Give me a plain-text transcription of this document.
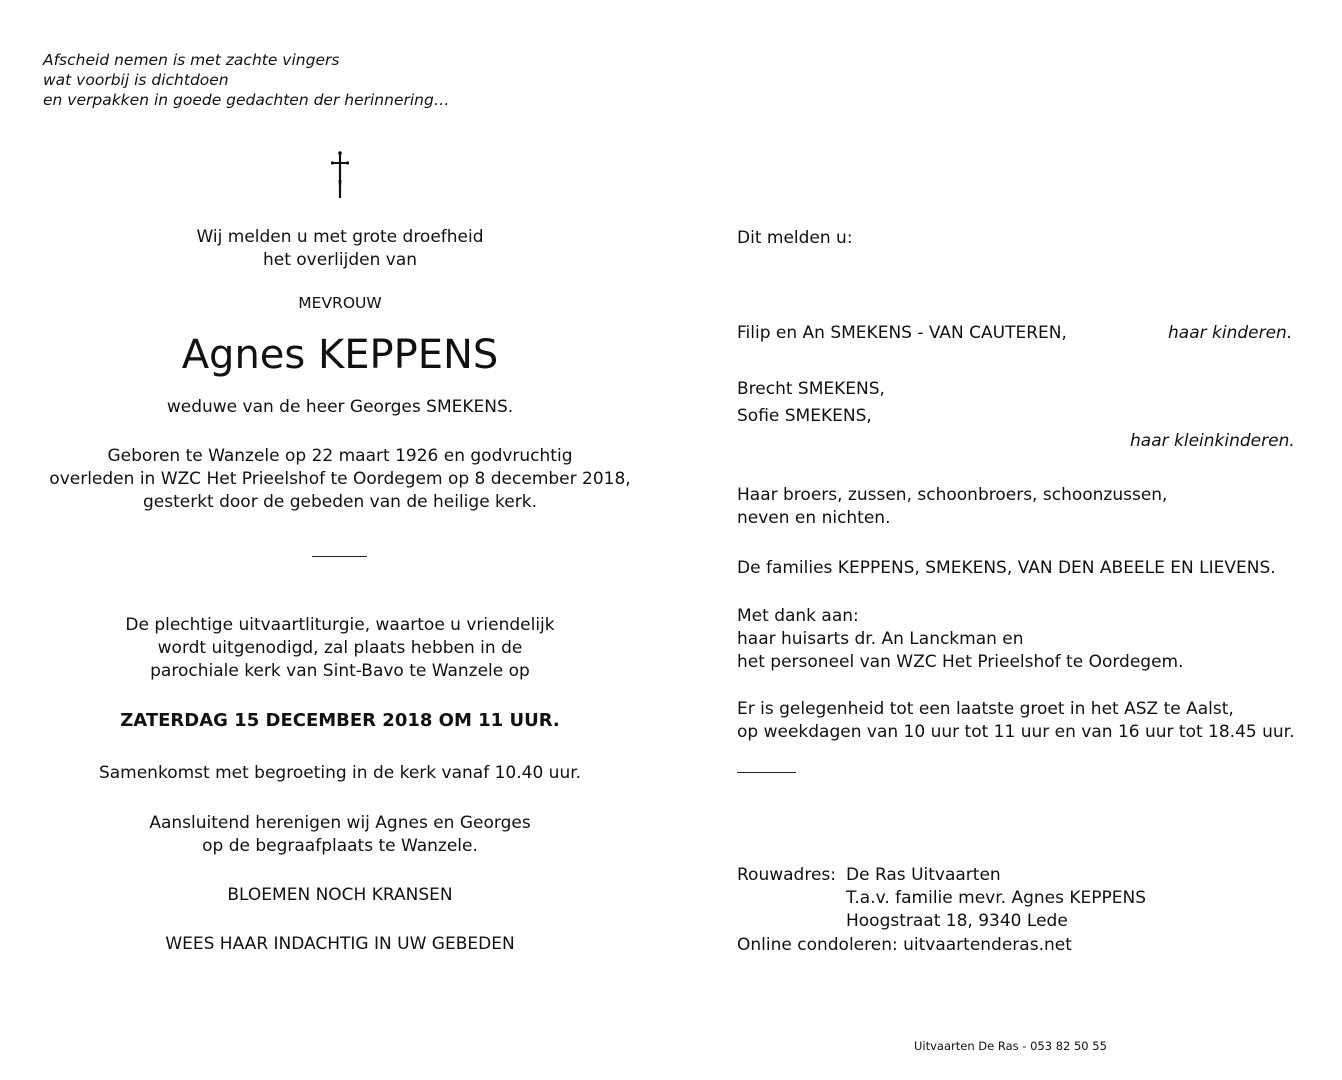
Afscheid nemen is met zachte vingers
wat voorbij is dichtdoen
en verpakken in goede gedachten der herinnering…
Wij melden u met grote droefheid
het overlijden van
MEVROUW
Agnes KEPPENS
weduwe van de heer Georges SMEKENS.
Geboren te Wanzele op 22 maart 1926 en godvruchtig
overleden in WZC Het Prieelshof te Oordegem op 8 december 2018,
gesterkt door de gebeden van de heilige kerk.
De plechtige uitvaartliturgie, waartoe u vriendelijk
wordt uitgenodigd, zal plaats hebben in de
parochiale kerk van Sint-Bavo te Wanzele op
ZATERDAG 15 DECEMBER 2018 OM 11 UUR.
Samenkomst met begroeting in de kerk vanaf 10.40 uur.
Aansluitend herenigen wij Agnes en Georges
op de begraafplaats te Wanzele.
BLOEMEN NOCH KRANSEN
WEES HAAR INDACHTIG IN UW GEBEDEN
Dit melden u:
Filip en An SMEKENS - VAN CAUTEREN,	haar kinderen.
Brecht SMEKENS,
Sofie SMEKENS,
haar kleinkinderen.
Haar broers, zussen, schoonbroers, schoonzussen,
neven en nichten.
De families KEPPENS, SMEKENS, VAN DEN ABEELE EN LIEVENS.
Met dank aan:
haar huisarts dr. An Lanckman en
het personeel van WZC Het Prieelshof te Oordegem.
Er is gelegenheid tot een laatste groet in het ASZ te Aalst,
op weekdagen van 10 uur tot 11 uur en van 16 uur tot 18.45 uur.
Rouwadres: De Ras Uitvaarten
T.a.v. familie mevr. Agnes KEPPENS
Hoogstraat 18, 9340 Lede
Online condoleren: uitvaartenderas.net
Uitvaarten De Ras - 053 82 50 55
